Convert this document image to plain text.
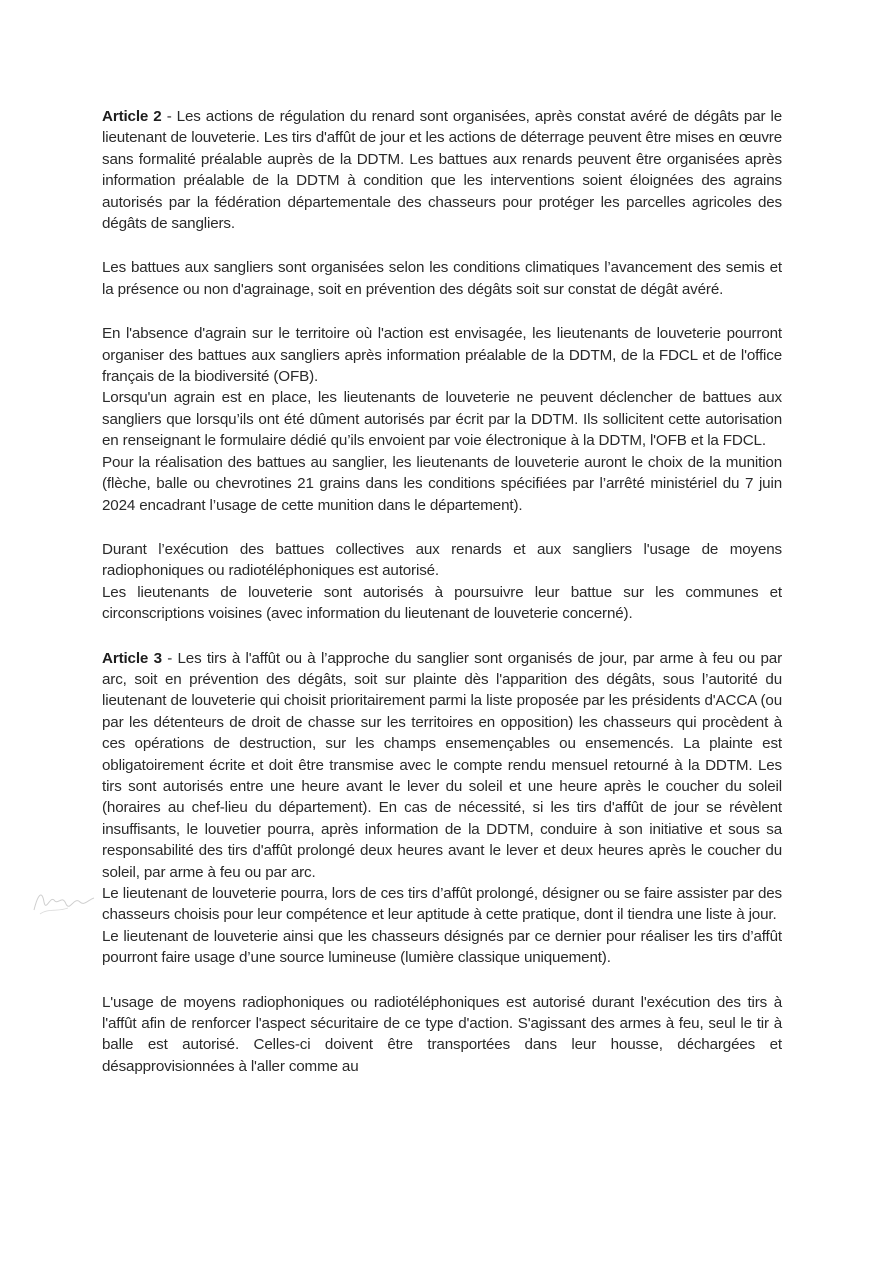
Article 2 - Les actions de régulation du renard sont organisées, après constat avéré de dégâts par le lieutenant de louveterie. Les tirs d'affût de jour et les actions de déterrage peuvent être mises en œuvre sans formalité préalable auprès de la DDTM. Les battues aux renards peuvent être organisées après information préalable de la DDTM à condition que les interventions soient éloignées des agrains autorisés par la fédération départementale des chasseurs pour protéger les parcelles agricoles des dégâts de sangliers.

Les battues aux sangliers sont organisées selon les conditions climatiques l’avancement des semis et la présence ou non d'agrainage, soit en prévention des dégâts soit sur constat de dégât avéré.

En l'absence d'agrain sur le territoire où l'action est envisagée, les lieutenants de louveterie pourront organiser des battues aux sangliers après information préalable de la DDTM, de la FDCL et de l'office français de la biodiversité (OFB).
Lorsqu'un agrain est en place, les lieutenants de louveterie ne peuvent déclencher de battues aux sangliers que lorsqu’ils ont été dûment autorisés par écrit par la DDTM. Ils sollicitent cette autorisation en renseignant le formulaire dédié qu’ils envoient par voie électronique à la DDTM, l'OFB et la FDCL.
Pour la réalisation des battues au sanglier, les lieutenants de louveterie auront le choix de la munition (flèche, balle ou chevrotines 21 grains dans les conditions spécifiées par l’arrêté ministériel du 7 juin 2024 encadrant l’usage de cette munition dans le département).

Durant l’exécution des battues collectives aux renards et aux sangliers l'usage de moyens radiophoniques ou radiotéléphoniques est autorisé.
Les lieutenants de louveterie sont autorisés à poursuivre leur battue sur les communes et circonscriptions voisines (avec information du lieutenant de louveterie concerné).

Article 3 - Les tirs à l'affût ou à l’approche du sanglier sont organisés de jour, par arme à feu ou par arc, soit en prévention des dégâts, soit sur plainte dès l'apparition des dégâts, sous l’autorité du lieutenant de louveterie qui choisit prioritairement parmi la liste proposée par les présidents d'ACCA (ou par les détenteurs de droit de chasse sur les territoires en opposition) les chasseurs qui procèdent à ces opérations de destruction, sur les champs ensemençables ou ensemencés. La plainte est obligatoirement écrite et doit être transmise avec le compte rendu mensuel retourné à la DDTM. Les tirs sont autorisés entre une heure avant le lever du soleil et une heure après le coucher du soleil (horaires au chef-lieu du département). En cas de nécessité, si les tirs d'affût de jour se révèlent insuffisants, le louvetier pourra, après information de la DDTM, conduire à son initiative et sous sa responsabilité des tirs d'affût prolongé deux heures avant le lever et deux heures après le coucher du soleil, par arme à feu ou par arc.
Le lieutenant de louveterie pourra, lors de ces tirs d’affût prolongé, désigner ou se faire assister par des chasseurs choisis pour leur compétence et leur aptitude à cette pratique, dont il tiendra une liste à jour.
Le lieutenant de louveterie ainsi que les chasseurs désignés par ce dernier pour réaliser les tirs d’affût pourront faire usage d’une source lumineuse (lumière classique uniquement).

L'usage de moyens radiophoniques ou radiotéléphoniques est autorisé durant l'exécution des tirs à l'affût afin de renforcer l'aspect sécuritaire de ce type d'action. S'agissant des armes à feu, seul le tir à balle est autorisé. Celles-ci doivent être transportées dans leur housse, déchargées et désapprovisionnées à l'aller comme au
